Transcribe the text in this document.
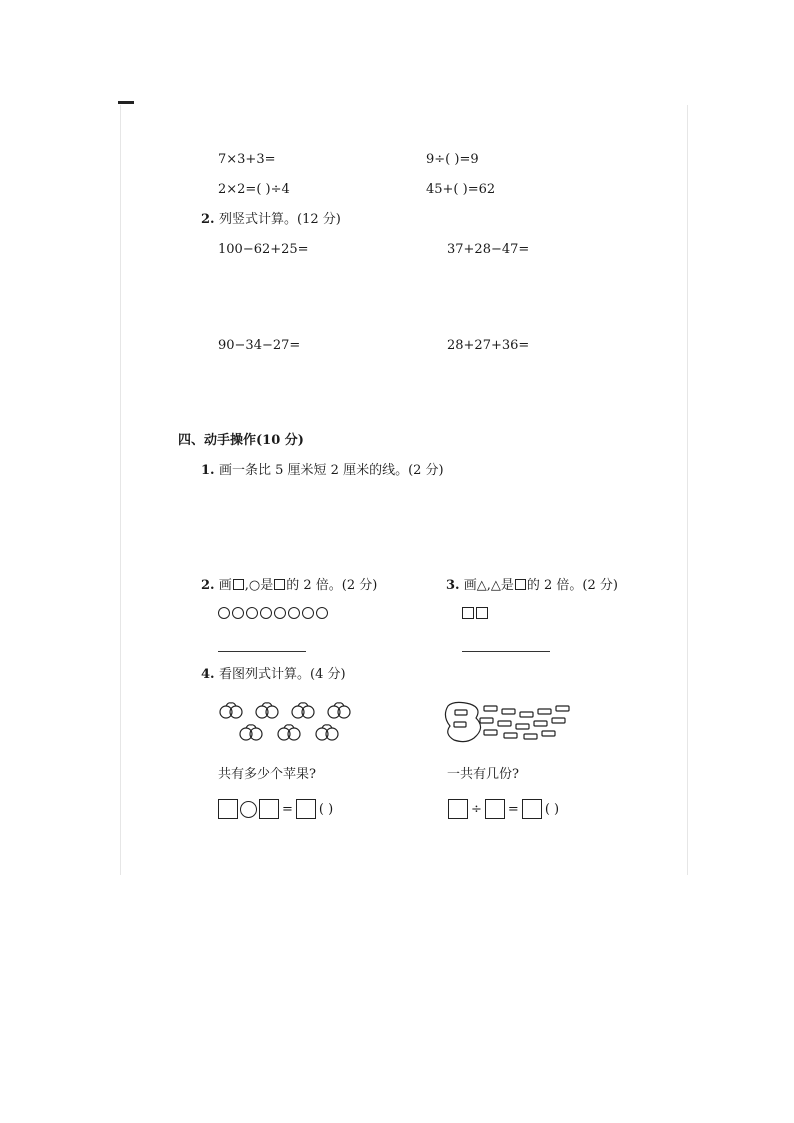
7×3+3=	9÷( )=9
2×2=( )÷4	45+( )=62
2. 列竖式计算。(12 分)
100−62+25=	37+28−47=
90−34−27=	28+27+36=
四、动手操作(10 分)
1. 画一条比 5 厘米短 2 厘米的线。(2 分)
2. 画 ,○是 的 2 倍。(2 分)	3. 画△,△是 的 2 倍。(2 分)
4. 看图列式计算。(4 分)
共有多少个苹果?	一共有几份?
= ( )	÷ = ( )
